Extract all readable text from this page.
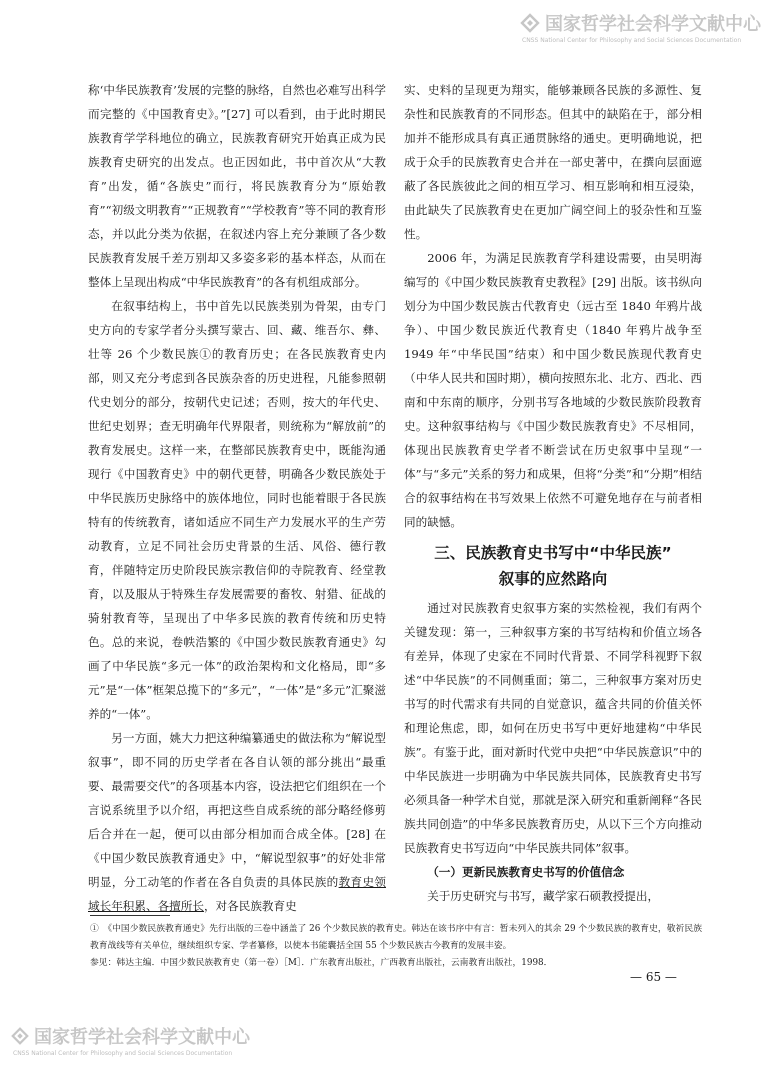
国家哲学社会科学文献中心
CNSS National Center for Philosophy and Social Sciences Documentation

称‘中华民族教育’发展的完整的脉络，自然也必难写出科学而完整的《中国教育史》。”[27] 可以看到，由于此时期民族教育学学科地位的确立，民族教育研究开始真正成为民族教育史研究的出发点。也正因如此，书中首次从“大教育”出发，循“各族史”而行，将民族教育分为“原始教育”“初级文明教育”“正规教育”“学校教育”等不同的教育形态，并以此分类为依据，在叙述内容上充分兼顾了各少数民族教育发展千差万别却又多姿多彩的基本样态，从而在整体上呈现出构成“中华民族教育”的各有机组成部分。

在叙事结构上，书中首先以民族类别为骨架，由专门史方向的专家学者分头撰写蒙古、回、藏、维吾尔、彝、壮等 26 个少数民族①的教育历史；在各民族教育史内部，则又充分考虑到各民族杂沓的历史进程，凡能参照朝代史划分的部分，按朝代史记述；否则，按大的年代史、世纪史划界；查无明确年代界限者，则统称为“解放前”的教育发展史。这样一来，在整部民族教育史中，既能沟通现行《中国教育史》中的朝代更替，明确各少数民族处于中华民族历史脉络中的族体地位，同时也能着眼于各民族特有的传统教育，诸如适应不同生产力发展水平的生产劳动教育，立足不同社会历史背景的生活、风俗、德行教育，伴随特定历史阶段民族宗教信仰的寺院教育、经堂教育，以及服从于特殊生存发展需要的畜牧、射猎、征战的骑射教育等，呈现出了中华多民族的教育传统和历史特色。总的来说，卷帙浩繁的《中国少数民族教育通史》勾画了中华民族“多元一体”的政治架构和文化格局，即“多元”是“一体”框架总揽下的“多元”，“一体”是“多元”汇聚滋养的“一体”。

另一方面，姚大力把这种编纂通史的做法称为“解说型叙事”，即不同的历史学者在各自认领的部分挑出“最重要、最需要交代”的各项基本内容，设法把它们组织在一个言说系统里予以介绍，再把这些自成系统的部分略经修剪后合并在一起，便可以由部分相加而合成全体。[28] 在《中国少数民族教育通史》中，“解说型叙事”的好处非常明显，分工动笔的作者在各自负责的具体民族的教育史领域长年积累、各擅所长，对各民族教育史

实、史料的呈现更为翔实，能够兼顾各民族的多源性、复杂性和民族教育的不同形态。但其中的缺陷在于，部分相加并不能形成具有真正通贯脉络的通史。更明确地说，把成于众手的民族教育史合并在一部史著中，在撰向层面遮蔽了各民族彼此之间的相互学习、相互影响和相互浸染，由此缺失了民族教育史在更加广阔空间上的驳杂性和互鉴性。

2006 年，为满足民族教育学科建设需要，由吴明海编写的《中国少数民族教育史教程》[29] 出版。该书纵向划分为中国少数民族古代教育史（远古至 1840 年鸦片战争）、中国少数民族近代教育史（1840 年鸦片战争至 1949 年“中华民国”结束）和中国少数民族现代教育史（中华人民共和国时期），横向按照东北、北方、西北、西南和中东南的顺序，分别书写各地域的少数民族阶段教育史。这种叙事结构与《中国少数民族教育史》不尽相同，体现出民族教育史学者不断尝试在历史叙事中呈现“一体”与“多元”关系的努力和成果，但将“分类”和“分期”相结合的叙事结构在书写效果上依然不可避免地存在与前者相同的缺憾。

三、民族教育史书写中“中华民族”
叙事的应然路向

通过对民族教育史叙事方案的实然检视，我们有两个关键发现：第一，三种叙事方案的书写结构和价值立场各有差异，体现了史家在不同时代背景、不同学科视野下叙述“中华民族”的不同侧重面；第二，三种叙事方案对历史书写的时代需求有共同的自觉意识，蕴含共同的价值关怀和理论焦虑，即，如何在历史书写中更好地建构“中华民族”。有鉴于此，面对新时代党中央把“中华民族意识”中的中华民族进一步明确为中华民族共同体，民族教育史书写必须具备一种学术自觉，那就是深入研究和重新阐释“各民族共同创造”的中华多民族教育历史，从以下三个方向推动民族教育史书写迈向“中华民族共同体”叙事。

（一）更新民族教育史书写的价值信念

关于历史研究与书写，藏学家石硕教授提出，

①　《中国少数民族教育通史》先行出版的三卷中涵盖了 26 个少数民族的教育史。韩达在该书序中有言：暂未列入的其余 29 个少数民族的教育史，敬祈民族教育战线等有关单位，继续组织专家、学者纂修，以使本书能囊括全国 55 个少数民族古今教育的发展丰姿。

参见：韩达主编．中国少数民族教育史（第一卷）［M］．广东教育出版社，广西教育出版社，云南教育出版社，1998．

— 65 —
国家哲学社会科学文献中心
CNSS National Center for Philosophy and Social Sciences Documentation
